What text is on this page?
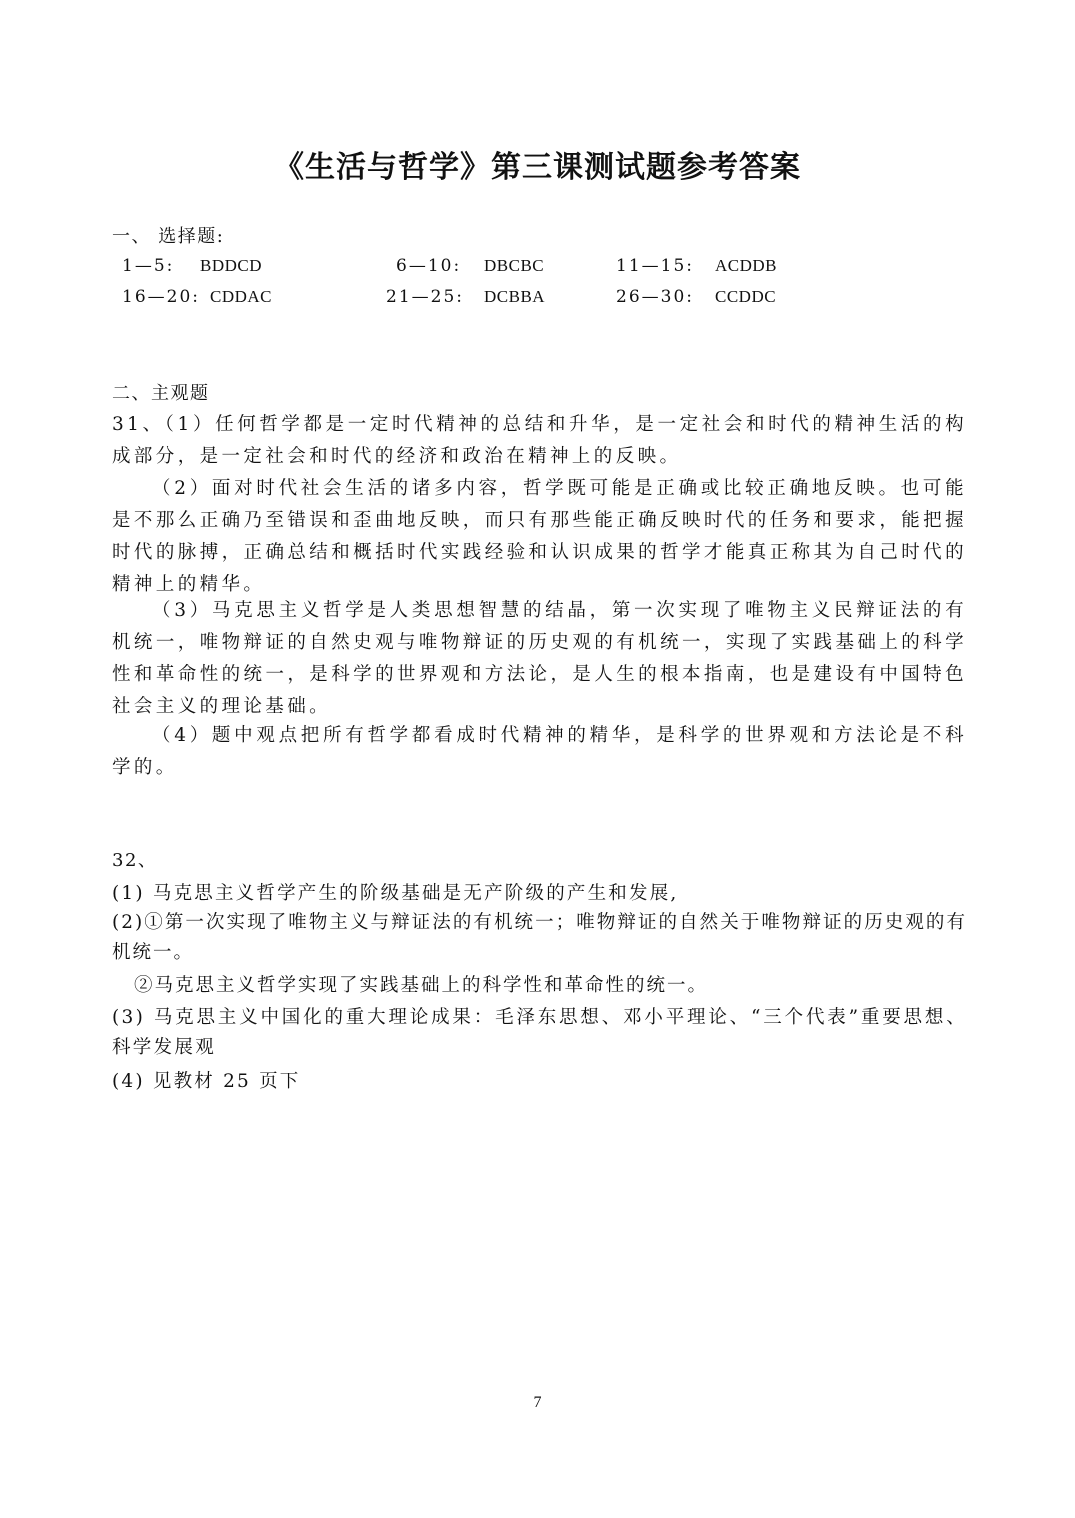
《生活与哲学》第三课测试题参考答案
一、 选择题:
1—5: BDDCD	6—10: DBCBC	11—15: ACDDB
16—20: CDDAC	21—25: DCBBA	26—30: CCDDC
二、主观题
31、（1）任何哲学都是一定时代精神的总结和升华，是一定社会和时代的精神生活的构成部分，是一定社会和时代的经济和政治在精神上的反映。
（2）面对时代社会生活的诸多内容，哲学既可能是正确或比较正确地反映。也可能是不那么正确乃至错误和歪曲地反映，而只有那些能正确反映时代的任务和要求，能把握时代的脉搏，正确总结和概括时代实践经验和认识成果的哲学才能真正称其为自己时代的精神上的精华。
（3）马克思主义哲学是人类思想智慧的结晶，第一次实现了唯物主义民辩证法的有机统一，唯物辩证的自然史观与唯物辩证的历史观的有机统一，实现了实践基础上的科学性和革命性的统一，是科学的世界观和方法论，是人生的根本指南，也是建设有中国特色社会主义的理论基础。
（4）题中观点把所有哲学都看成时代精神的精华，是科学的世界观和方法论是不科学的。
32、
(1) 马克思主义哲学产生的阶级基础是无产阶级的产生和发展,
(2)①第一次实现了唯物主义与辩证法的有机统一；唯物辩证的自然关于唯物辩证的历史观的有机统一。
②马克思主义哲学实现了实践基础上的科学性和革命性的统一。
(3) 马克思主义中国化的重大理论成果：毛泽东思想、邓小平理论、“三个代表”重要思想、科学发展观
(4) 见教材 25 页下
7
